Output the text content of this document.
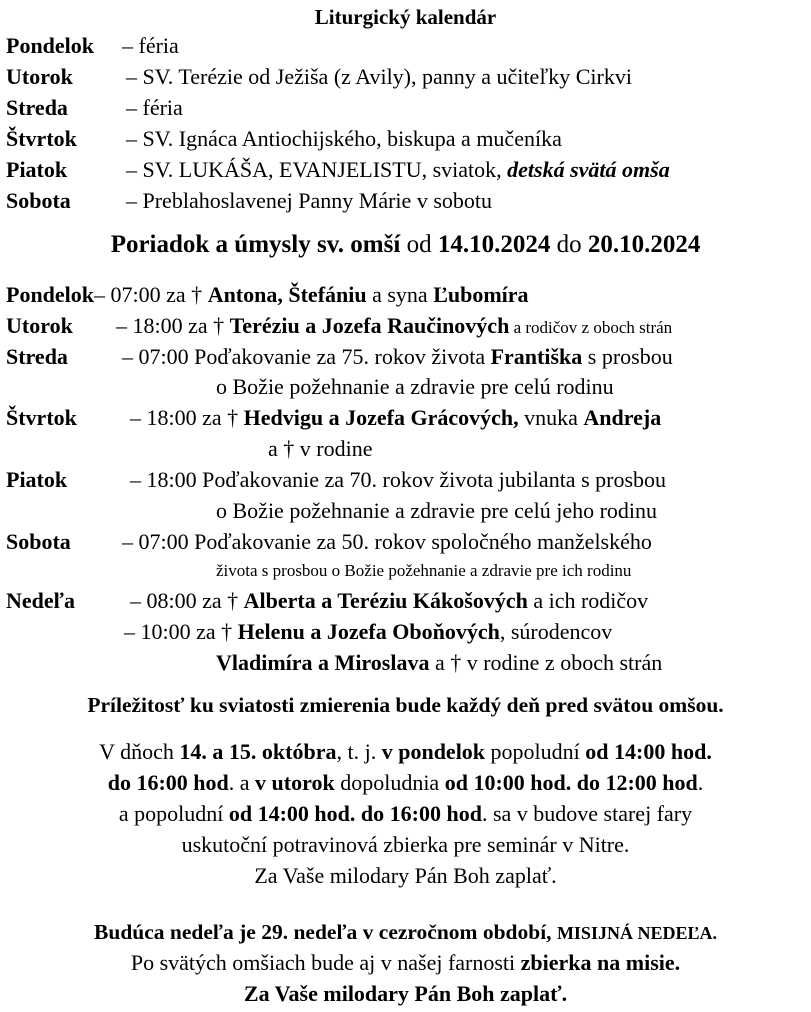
Liturgický kalendár
Pondelok – féria
Utorok – SV. Terézie od Ježiša (z Avily), panny a učiteľky Cirkvi
Streda	– féria
Štvrtok – SV. Ignáca Antiochijského, biskupa a mučeníka
Piatok	– SV. LUKÁŠA, EVANJELISTU, sviatok, detská svätá omša
Sobota	– Preblahoslavenej Panny Márie v sobotu
Poriadok a úmysly sv. omší od 14.10.2024 do 20.10.2024
Pondelok– 07:00 za † Antona, Štefániu a syna Ľubomíra
Utorok – 18:00 za † Teréziu a Jozefa Raučinových a rodičov z oboch strán
Streda – 07:00 Poďakovanie za 75. rokov života Františka s prosbou
o Božie požehnanie a zdravie pre celú rodinu
Štvrtok – 18:00 za † Hedvigu a Jozefa Grácových, vnuka Andreja
a † v rodine
Piatok	– 18:00 Poďakovanie za 70. rokov života jubilanta s prosbou
o Božie požehnanie a zdravie pre celú jeho rodinu
Sobota – 07:00 Poďakovanie za 50. rokov spoločného manželského
života s prosbou o Božie požehnanie a zdravie pre ich rodinu
Nedeľa	– 08:00 za † Alberta a Teréziu Kákošových a ich rodičov
– 10:00 za † Helenu a Jozefa Oboňových, súrodencov
Vladimíra a Miroslava a † v rodine z oboch strán
Príležitosť ku sviatosti zmierenia bude každý deň pred svätou omšou.
V dňoch 14. a 15. októbra, t. j. v pondelok popoludní od 14:00 hod.
do 16:00 hod. a v utorok dopoludnia od 10:00 hod. do 12:00 hod.
a popoludní od 14:00 hod. do 16:00 hod. sa v budove starej fary
uskutoční potravinová zbierka pre seminár v Nitre.
Za Vaše milodary Pán Boh zaplať.
Budúca nedeľa je 29. nedeľa v cezročnom období, MISIJNÁ NEDEĽA.
Po svätých omšiach bude aj v našej farnosti zbierka na misie.
Za Vaše milodary Pán Boh zaplať.
